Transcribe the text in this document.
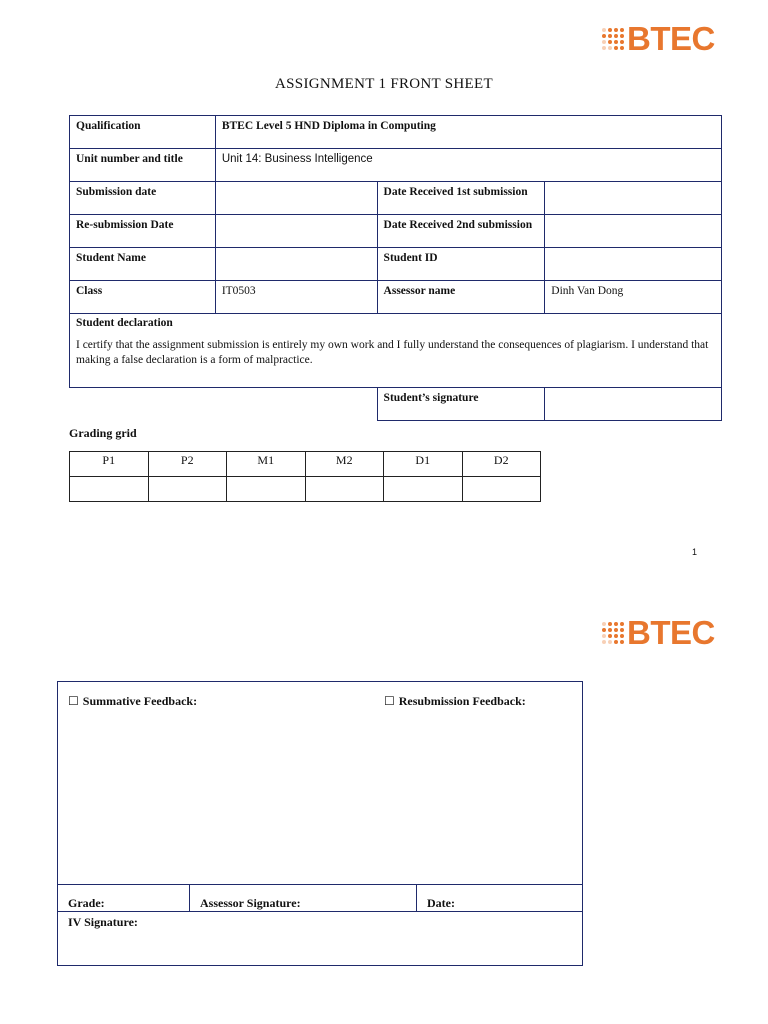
BTEC
ASSIGNMENT 1 FRONT SHEET
Qualification	BTEC Level 5 HND Diploma in Computing		
Unit number and title	Unit 14: Business Intelligence		
Submission date		Date Received 1st submission	
Re-submission Date		Date Received 2nd submission	
Student Name		Student ID	
Class	IT0503	Assessor name	Dinh Van Dong

Student declaration
I certify that the assignment submission is entirely my own work and I fully understand the consequences of plagiarism. I understand that making a false declaration is a form of malpractice.			

		Student’s signature	
Grading grid
P1	P2	M1	M2	D1	D2

1
BTEC
☐ Summative Feedback:	☐ Resubmission Feedback:
Grade:	Assessor Signature:	Date:
IV Signature:
